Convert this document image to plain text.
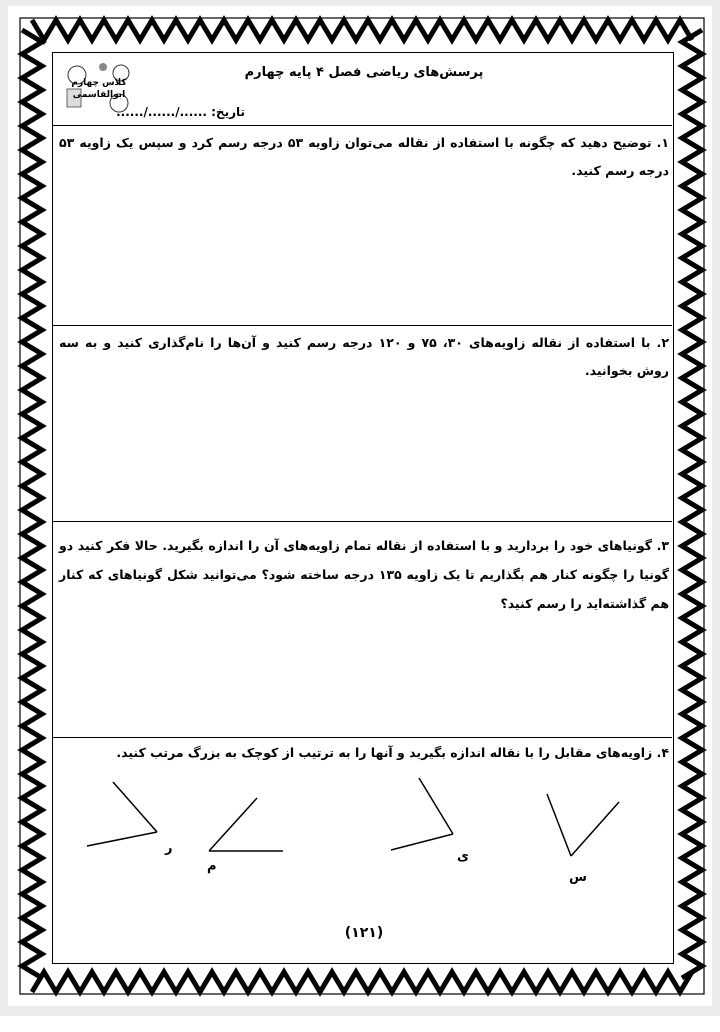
پرسش‌های ریاضی فصل ۴ پایه چهارم
تاریخ: ....../....../......
کلاس چهارم
ابوالقاسمی
۱. توضیح دهید که چگونه با استفاده از نقاله می‌توان زاویه ۵۳ درجه رسم کرد و سپس یک زاویه ۵۳ درجه رسم کنید.
۲. با استفاده از نقاله زاویه‌های ۳۰، ۷۵ و ۱۲۰ درجه رسم کنید و آن‌ها را نام‌گذاری کنید و به سه روش بخوانید.
۳. گونیاهای خود را بردارید و با استفاده از نقاله تمام زاویه‌های آن را اندازه بگیرید. حالا فکر کنید دو گونیا را چگونه کنار هم بگذاریم تا یک زاویه ۱۳۵ درجه ساخته شود؟ می‌توانید شکل گونیاهای که کنار هم گذاشته‌اید را رسم کنید؟
۴. زاویه‌های مقابل را با نقاله اندازه بگیرید و آنها را به ترتیب از کوچک به بزرگ مرتب کنید.
ر
م
ی
س
(۱۲۱)
